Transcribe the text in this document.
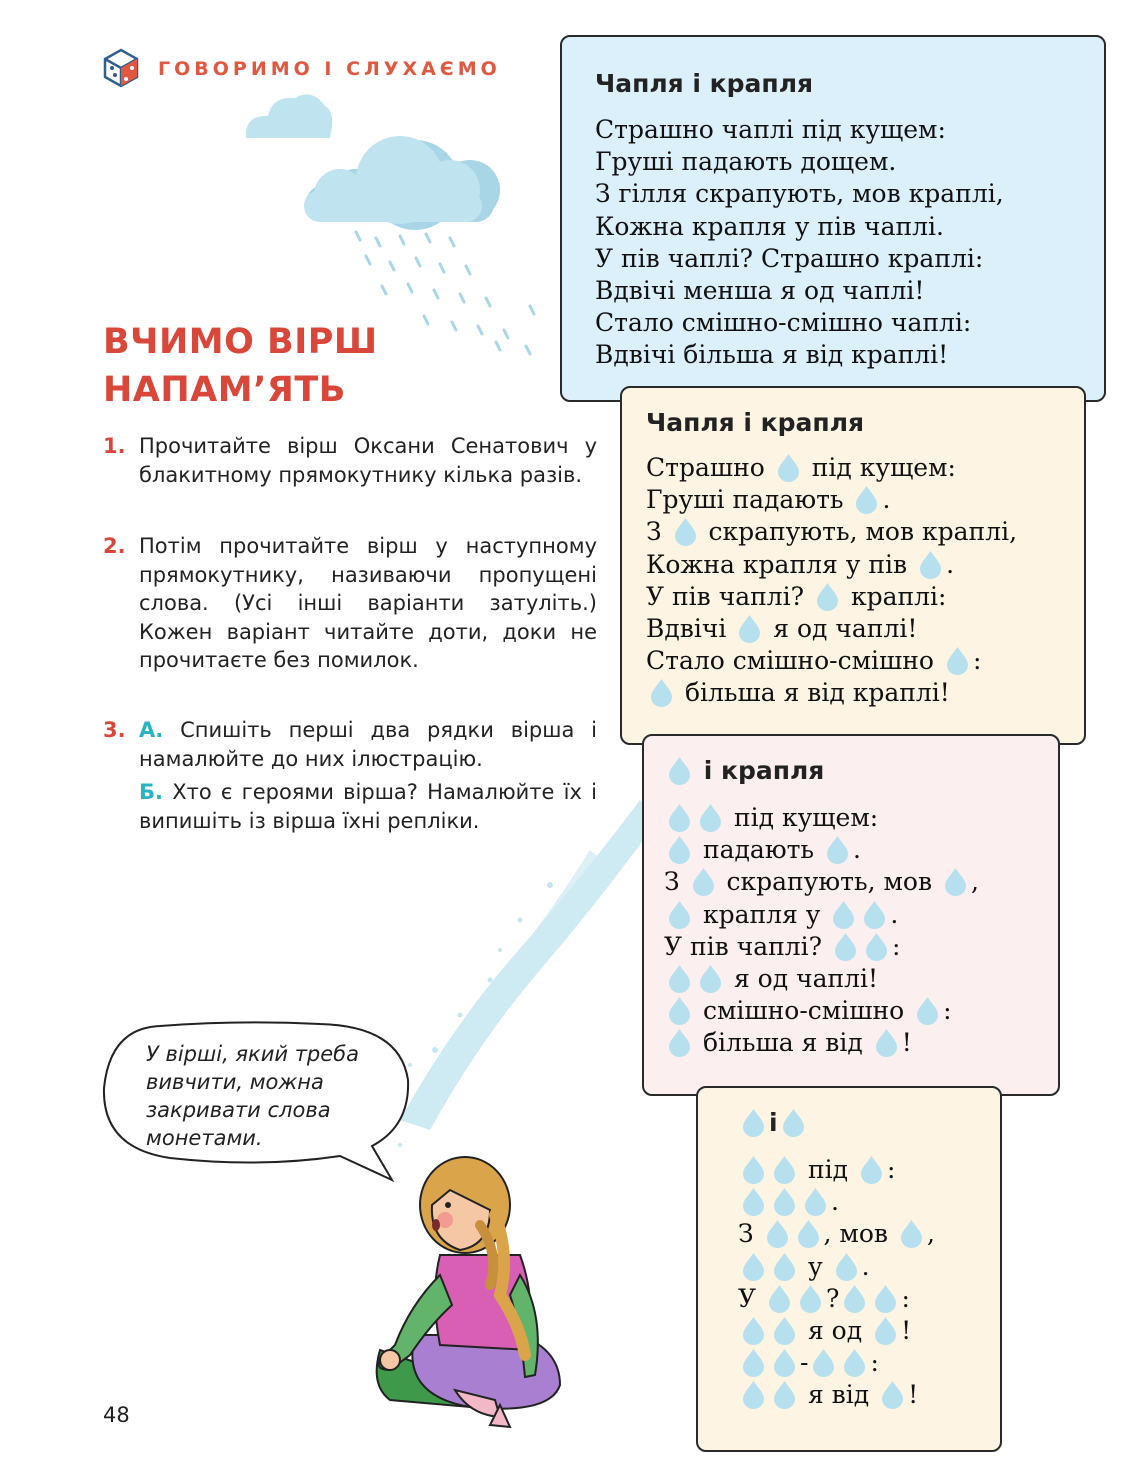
ГОВОРИМО І СЛУХАЄМО
ВЧИМО ВІРШ
НАПАМ’ЯТЬ
1. Прочитайте вірш Оксани Сенатович у блакитному прямокутнику кілька разів.
2. Потім прочитайте вірш у наступному прямокутнику, називаючи пропущені слова. (Усі інші варіанти затуліть.) Кожен варіант читайте доти, доки не прочитаєте без помилок.
3. А. Спишіть перші два рядки вірша і намалюйте до них ілюстрацію.
Б. Хто є героями вірша? Намалюйте їх і випишіть із вірша їхні репліки.
Чапля і крапля
Страшно чаплі під кущем:
Груші падають дощем.
З гілля скрапують, мов краплі,
Кожна крапля у пів чаплі.
У пів чаплі? Страшно краплі:
Вдвічі менша я од чаплі!
Стало смішно-смішно чаплі:
Вдвічі більша я від краплі!
Чапля і крапля
Страшно під кущем:
Груші падають .
З скрапують, мов краплі,
Кожна крапля у пів .
У пів чаплі? краплі:
Вдвічі я од чаплі!
Стало смішно-смішно :
більша я від краплі!
і крапля
під кущем:
падають .
З скрапують, мов ,
крапля у	.
У пів чаплі?	:
я од чаплі!
смішно-смішно :
більша я від !
і
під :
.
З	, мов ,
у .
У	? :
я од !
- :
я від !
У вірші, який треба вивчити, можна закривати слова монетами.
48
